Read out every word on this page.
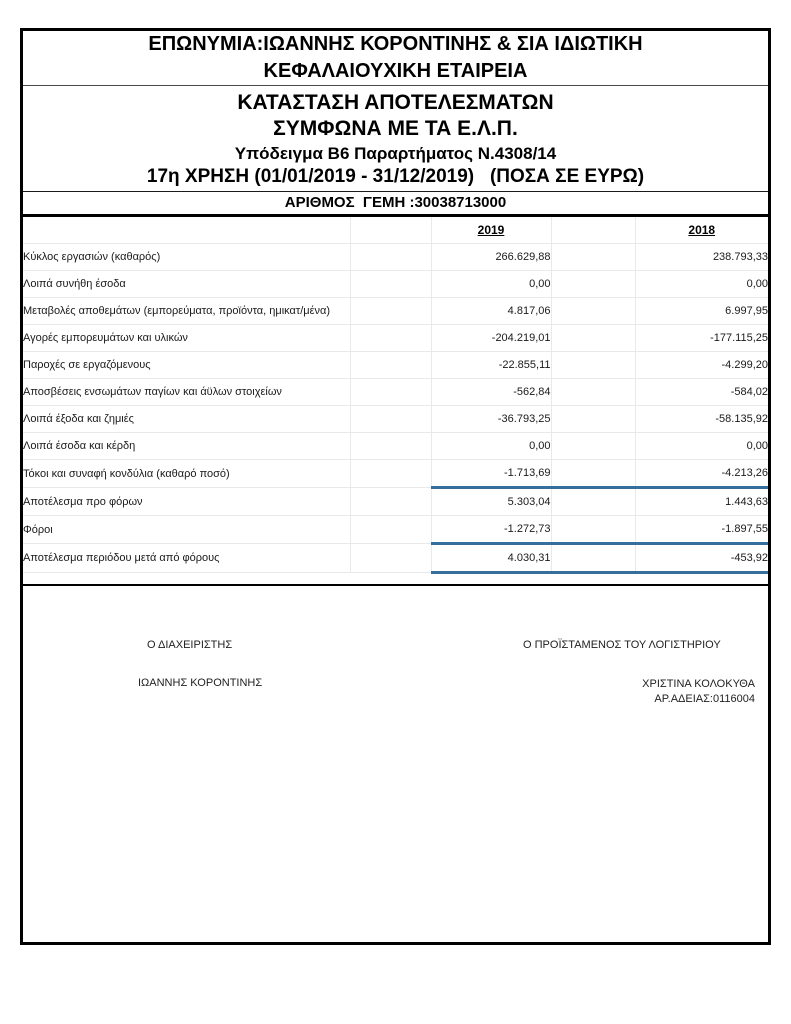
ΕΠΩΝΥΜΙΑ:ΙΩΑΝΝΗΣ ΚΟΡΟΝΤΙΝΗΣ & ΣΙΑ ΙΔΙΩΤΙΚΗ
ΚΕΦΑΛΑΙΟΥΧΙΚΗ ΕΤΑΙΡΕΙΑ
ΚΑΤΑΣΤΑΣΗ ΑΠΟΤΕΛΕΣΜΑΤΩΝ
ΣΥΜΦΩΝΑ ΜΕ ΤΑ Ε.Λ.Π.
Υπόδειγμα Β6 Παραρτήματος Ν.4308/14
17η ΧΡΗΣΗ (01/01/2019 - 31/12/2019)   (ΠΟΣΑ ΣΕ ΕΥΡΩ)
ΑΡΙΘΜΟΣ  ΓΕΜΗ :30038713000

		2019		2018

Κύκλος εργασιών (καθαρός)		266.629,88		238.793,33
Λοιπά συνήθη έσοδα		0,00		0,00
Μεταβολές αποθεμάτων (εμπορεύματα, προϊόντα, ημικατ/μένα)		4.817,06		6.997,95
Αγορές εμπορευμάτων και υλικών		-204.219,01		-177.115,25
Παροχές σε εργαζόμενους		-22.855,11		-4.299,20
Αποσβέσεις ενσωμάτων παγίων και άϋλων στοιχείων		-562,84		-584,02
Λοιπά έξοδα και ζημιές		-36.793,25		-58.135,92
Λοιπά έσοδα και κέρδη		0,00		0,00
Τόκοι και συναφή κονδύλια (καθαρό ποσό)		-1.713,69		-4.213,26
Αποτέλεσμα προ φόρων		5.303,04		1.443,63
Φόροι		-1.272,73		-1.897,55
Αποτέλεσμα περιόδου μετά από φόρους		4.030,31		-453,92
Ο ΔΙΑΧΕΙΡΙΣΤΗΣ
ΙΩΑΝΝΗΣ ΚΟΡΟΝΤΙΝΗΣ
Ο ΠΡΟΪΣΤΑΜΕΝΟΣ ΤΟΥ ΛΟΓΙΣΤΗΡΙΟΥ
ΧΡΙΣΤΙΝΑ ΚΟΛΟΚΥΘΑ
ΑΡ.ΑΔΕΙΑΣ:0116004
